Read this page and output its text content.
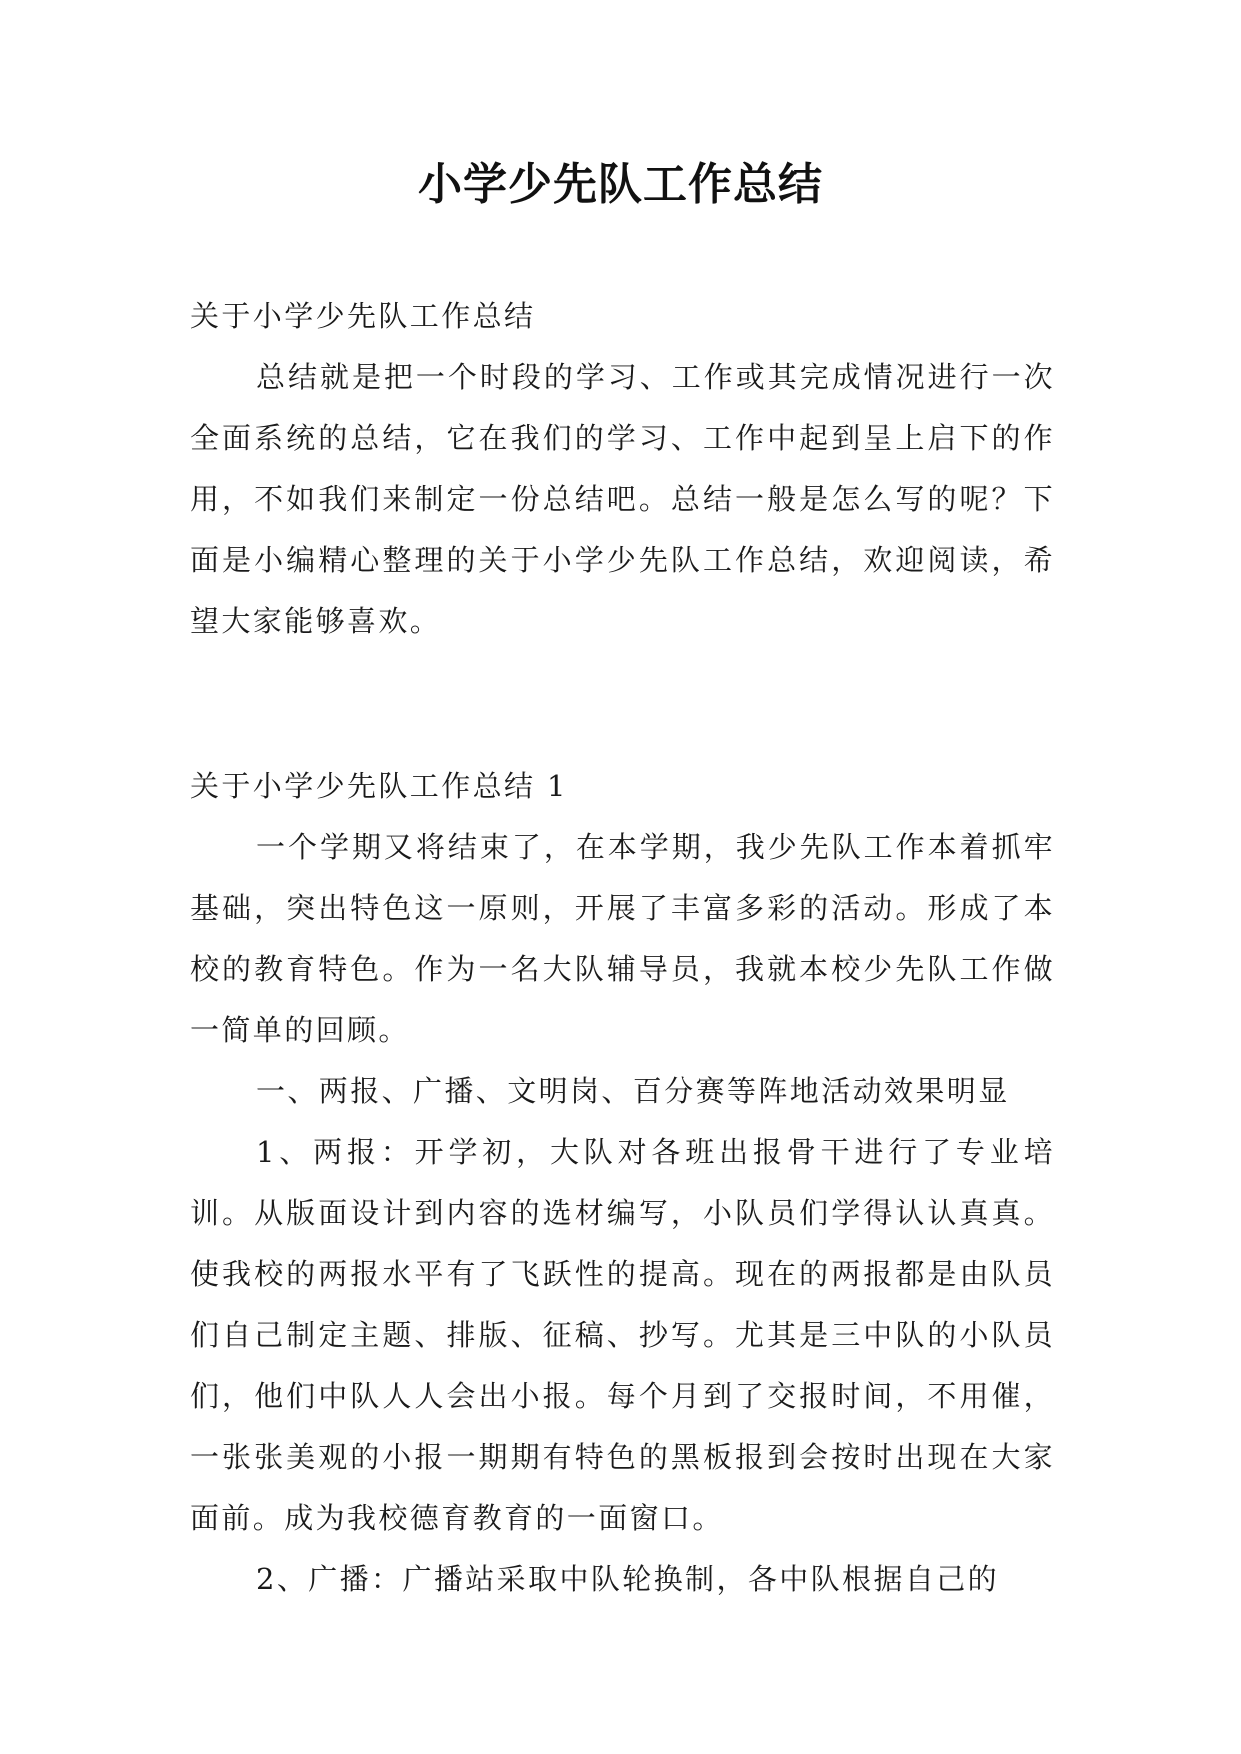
小学少先队工作总结

关于小学少先队工作总结

总结就是把一个时段的学习、工作或其完成情况进行一次全面系统的总结，它在我们的学习、工作中起到呈上启下的作用，不如我们来制定一份总结吧。总结一般是怎么写的呢？下面是小编精心整理的关于小学少先队工作总结，欢迎阅读，希望大家能够喜欢。

关于小学少先队工作总结 1

一个学期又将结束了，在本学期，我少先队工作本着抓牢基础，突出特色这一原则，开展了丰富多彩的活动。形成了本校的教育特色。作为一名大队辅导员，我就本校少先队工作做一简单的回顾。

一、两报、广播、文明岗、百分赛等阵地活动效果明显

1、两报：开学初，大队对各班出报骨干进行了专业培训。从版面设计到内容的选材编写，小队员们学得认认真真。使我校的两报水平有了飞跃性的提高。现在的两报都是由队员们自己制定主题、排版、征稿、抄写。尤其是三中队的小队员们，他们中队人人会出小报。每个月到了交报时间，不用催，一张张美观的小报一期期有特色的黑板报到会按时出现在大家面前。成为我校德育教育的一面窗口。

2、广播：广播站采取中队轮换制，各中队根据自己的
